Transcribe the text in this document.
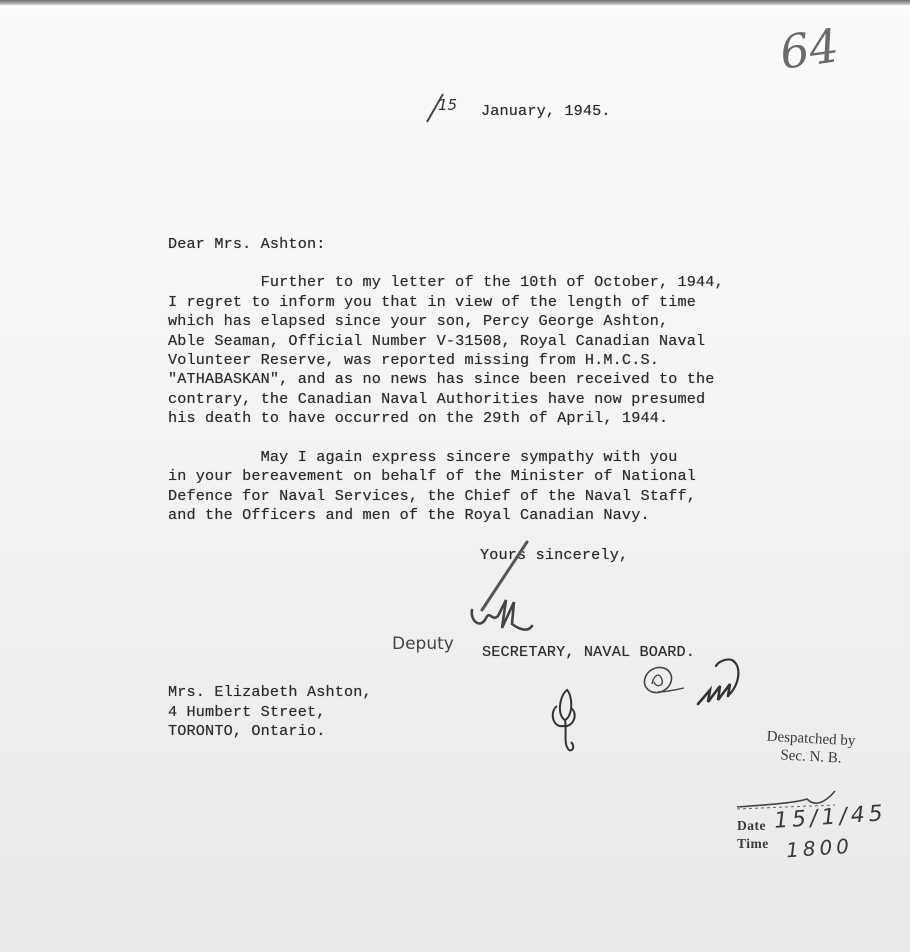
64
15 January, 1945.
Dear Mrs. Ashton:
Further to my letter of the 10th of October, 1944,
I regret to inform you that in view of the length of time
which has elapsed since your son, Percy George Ashton,
Able Seaman, Official Number V-31508, Royal Canadian Naval
Volunteer Reserve, was reported missing from H.M.C.S.
"ATHABASKAN", and as no news has since been received to the
contrary, the Canadian Naval Authorities have now presumed
his death to have occurred on the 29th of April, 1944.
May I again express sincere sympathy with you
in your bereavement on behalf of the Minister of National
Defence for Naval Services, the Chief of the Naval Staff,
and the Officers and men of the Royal Canadian Navy.
Yours sincerely,
Deputy SECRETARY, NAVAL BOARD.
Mrs. Elizabeth Ashton,
4 Humbert Street,
TORONTO, Ontario.	Despatched by
Sec. N. B.
Date 15/1/45
Time 1800
